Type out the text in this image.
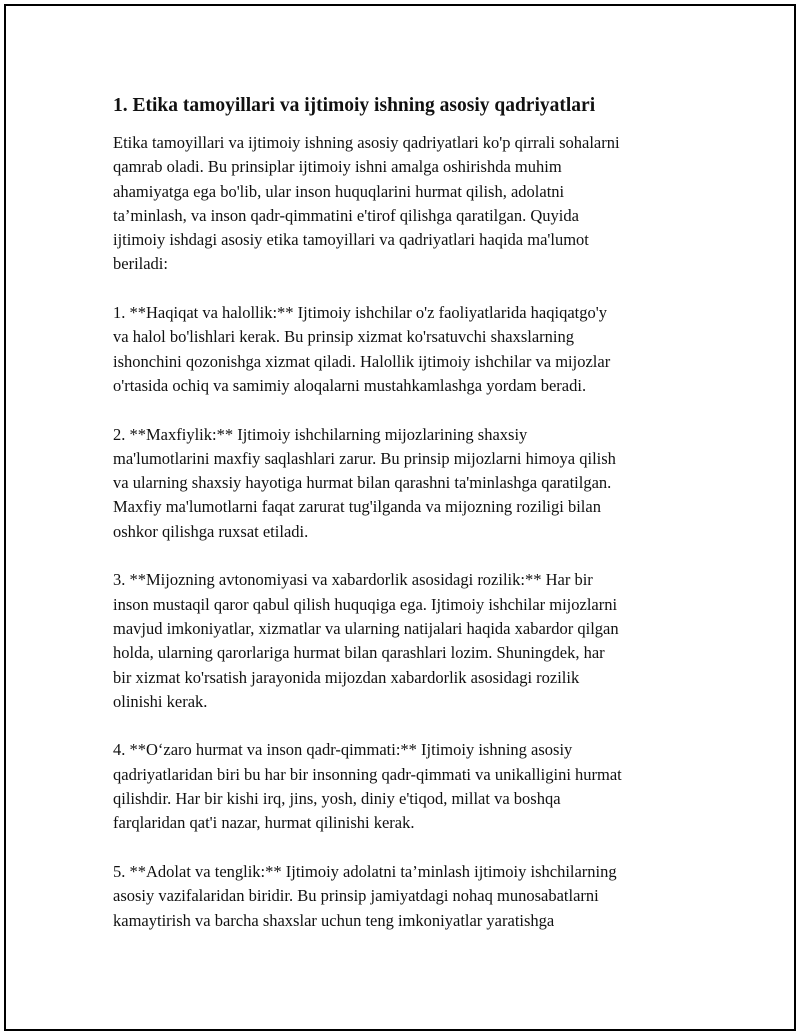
1. Etika tamoyillari va ijtimoiy ishning asosiy qadriyatlari

Etika tamoyillari va ijtimoiy ishning asosiy qadriyatlari ko'p qirrali sohalarni
qamrab oladi. Bu prinsiplar ijtimoiy ishni amalga oshirishda muhim
ahamiyatga ega bo'lib, ular inson huquqlarini hurmat qilish, adolatni
ta’minlash, va inson qadr-qimmatini e'tirof qilishga qaratilgan. Quyida
ijtimoiy ishdagi asosiy etika tamoyillari va qadriyatlari haqida ma'lumot
beriladi:

1. **Haqiqat va halollik:** Ijtimoiy ishchilar o'z faoliyatlarida haqiqatgo'y
va halol bo'lishlari kerak. Bu prinsip xizmat ko'rsatuvchi shaxslarning
ishonchini qozonishga xizmat qiladi. Halollik ijtimoiy ishchilar va mijozlar
o'rtasida ochiq va samimiy aloqalarni mustahkamlashga yordam beradi.

2. **Maxfiylik:** Ijtimoiy ishchilarning mijozlarining shaxsiy
ma'lumotlarini maxfiy saqlashlari zarur. Bu prinsip mijozlarni himoya qilish
va ularning shaxsiy hayotiga hurmat bilan qarashni ta'minlashga qaratilgan.
Maxfiy ma'lumotlarni faqat zarurat tug'ilganda va mijozning roziligi bilan
oshkor qilishga ruxsat etiladi.

3. **Mijozning avtonomiyasi va xabardorlik asosidagi rozilik:** Har bir
inson mustaqil qaror qabul qilish huquqiga ega. Ijtimoiy ishchilar mijozlarni
mavjud imkoniyatlar, xizmatlar va ularning natijalari haqida xabardor qilgan
holda, ularning qarorlariga hurmat bilan qarashlari lozim. Shuningdek, har
bir xizmat ko'rsatish jarayonida mijozdan xabardorlik asosidagi rozilik
olinishi kerak.

4. **O‘zaro hurmat va inson qadr-qimmati:** Ijtimoiy ishning asosiy
qadriyatlaridan biri bu har bir insonning qadr-qimmati va unikalligini hurmat
qilishdir. Har bir kishi irq, jins, yosh, diniy e'tiqod, millat va boshqa
farqlaridan qat'i nazar, hurmat qilinishi kerak.

5. **Adolat va tenglik:** Ijtimoiy adolatni ta’minlash ijtimoiy ishchilarning
asosiy vazifalaridan biridir. Bu prinsip jamiyatdagi nohaq munosabatlarni
kamaytirish va barcha shaxslar uchun teng imkoniyatlar yaratishga
